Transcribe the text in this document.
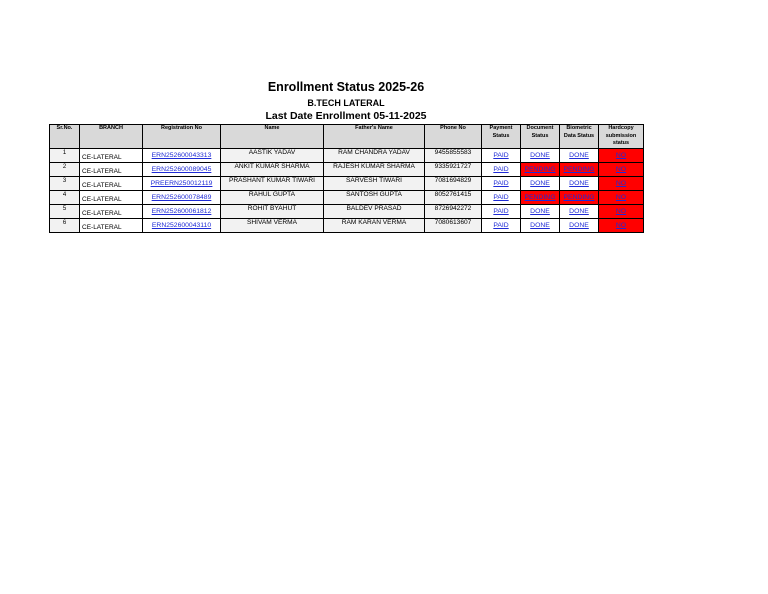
Enrollment Status 2025-26
B.TECH LATERAL
Last Date Enrollment 05-11-2025
Sr.No.	BRANCH	Registration No	Name	Father's Name	Phone No	Payment Status	Document Status	Biometric Data Status	Hardcopy submission status
1	CE-LATERAL	ERN252600043313	AASTIK YADAV	RAM CHANDRA YADAV	9455855583	PAID	DONE	DONE	NO
2	CE-LATERAL	ERN252600089045	ANKIT KUMAR SHARMA	RAJESH KUMAR SHARMA	9335921727	PAID	PENDING	PENDING	NO
3	CE-LATERAL	PREERN250012119	PRASHANT KUMAR TIWARI	SARVESH TIWARI	7081694829	PAID	DONE	DONE	NO
4	CE-LATERAL	ERN252600078489	RAHUL GUPTA	SANTOSH GUPTA	8052761415	PAID	PENDING	PENDING	NO
5	CE-LATERAL	ERN252600061812	ROHIT BYAHUT	BALDEV PRASAD	8726942272	PAID	DONE	DONE	NO
6	CE-LATERAL	ERN252600043110	SHIVAM VERMA	RAM KARAN VERMA	7080613607	PAID	DONE	DONE	NO
